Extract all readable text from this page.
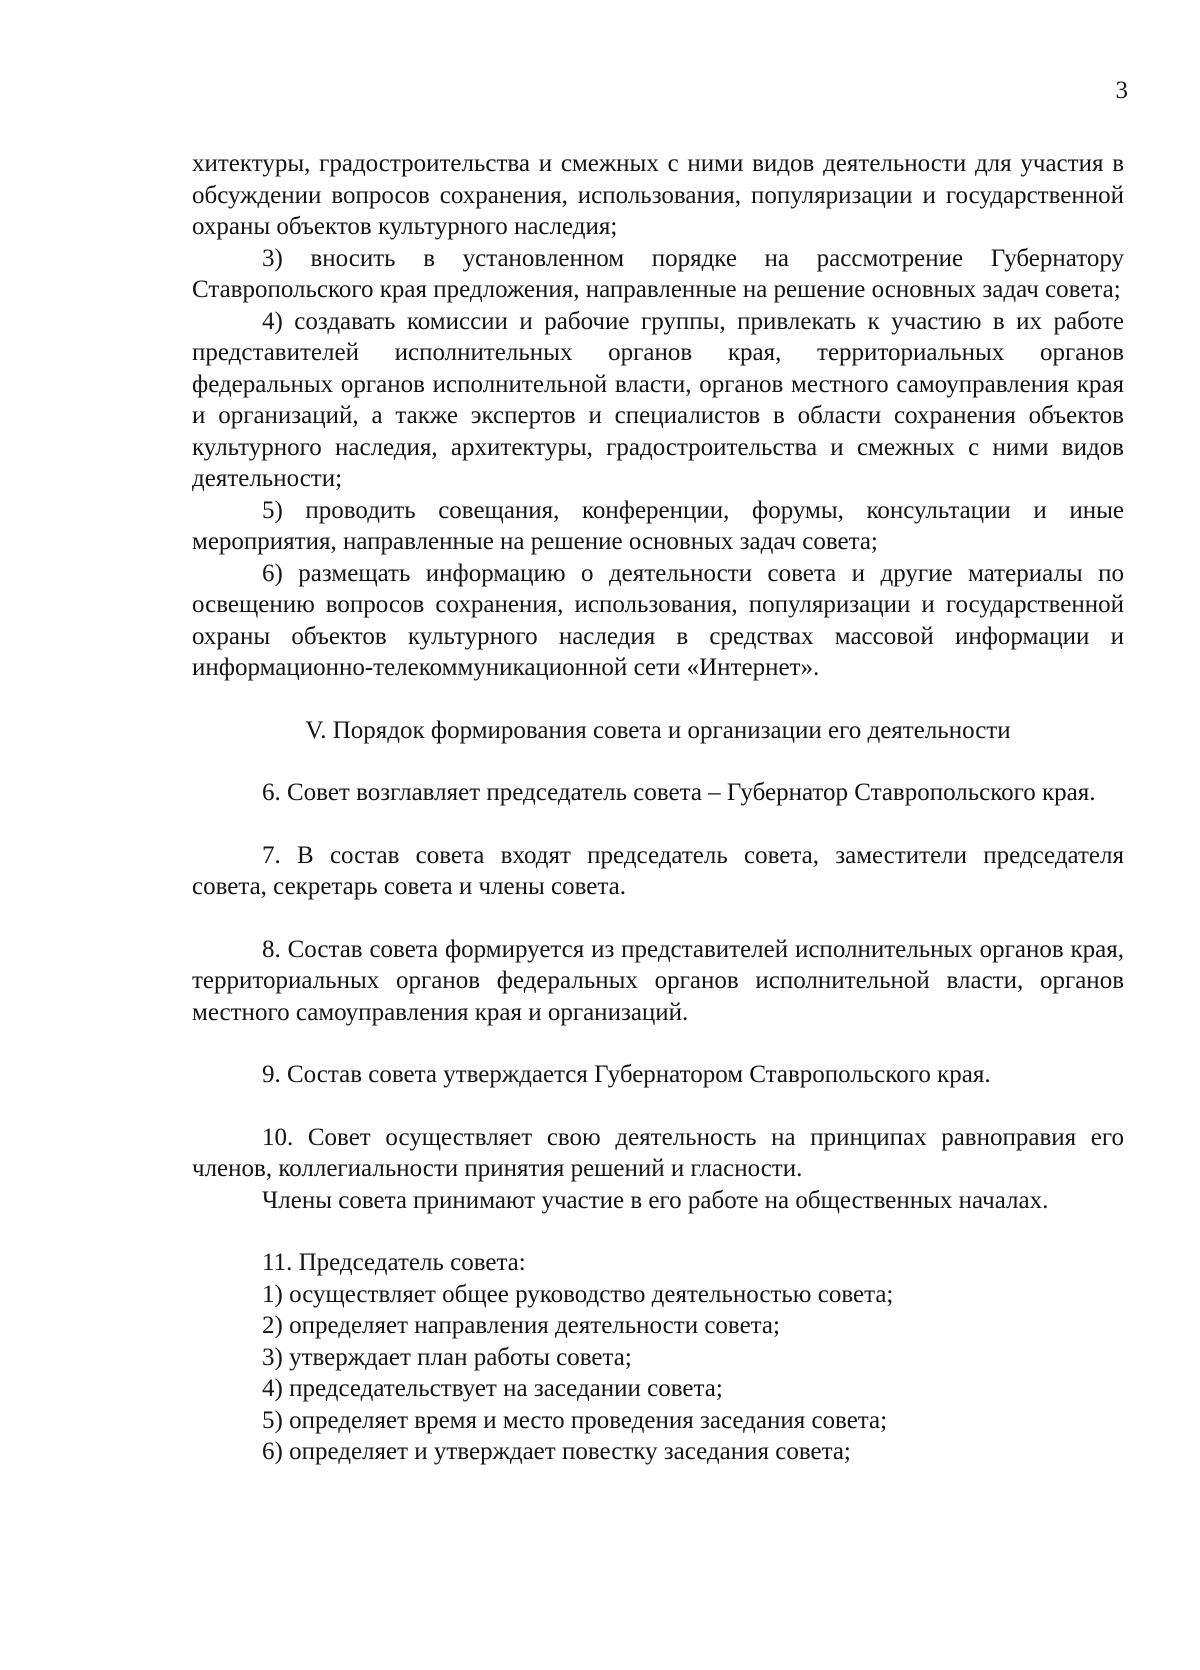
3

хитектуры, градостроительства и смежных с ними видов деятельности для участия в обсуждении вопросов сохранения, использования, популяризации и государственной охраны объектов культурного наследия;

3) вносить в установленном порядке на рассмотрение Губернатору Ставропольского края предложения, направленные на решение основных задач совета;

4) создавать комиссии и рабочие группы, привлекать к участию в их работе представителей исполнительных органов края, территориальных органов федеральных органов исполнительной власти, органов местного самоуправления края и организаций, а также экспертов и специалистов в области сохранения объектов культурного наследия, архитектуры, градостроительства и смежных с ними видов деятельности;

5) проводить совещания, конференции, форумы, консультации и иные мероприятия, направленные на решение основных задач совета;

6) размещать информацию о деятельности совета и другие материалы по освещению вопросов сохранения, использования, популяризации и государственной охраны объектов культурного наследия в средствах массовой информации и информационно-телекоммуникационной сети «Интернет».

V. Порядок формирования совета и организации его деятельности

6. Совет возглавляет председатель совета – Губернатор Ставропольского края.

7. В состав совета входят председатель совета, заместители председателя совета, секретарь совета и члены совета.

8. Состав совета формируется из представителей исполнительных органов края, территориальных органов федеральных органов исполнительной власти, органов местного самоуправления края и организаций.

9. Состав совета утверждается Губернатором Ставропольского края.

10. Совет осуществляет свою деятельность на принципах равноправия его членов, коллегиальности принятия решений и гласности.

Члены совета принимают участие в его работе на общественных началах.

11. Председатель совета:

1) осуществляет общее руководство деятельностью совета;

2) определяет направления деятельности совета;

3) утверждает план работы совета;

4) председательствует на заседании совета;

5) определяет время и место проведения заседания совета;

6) определяет и утверждает повестку заседания совета;
